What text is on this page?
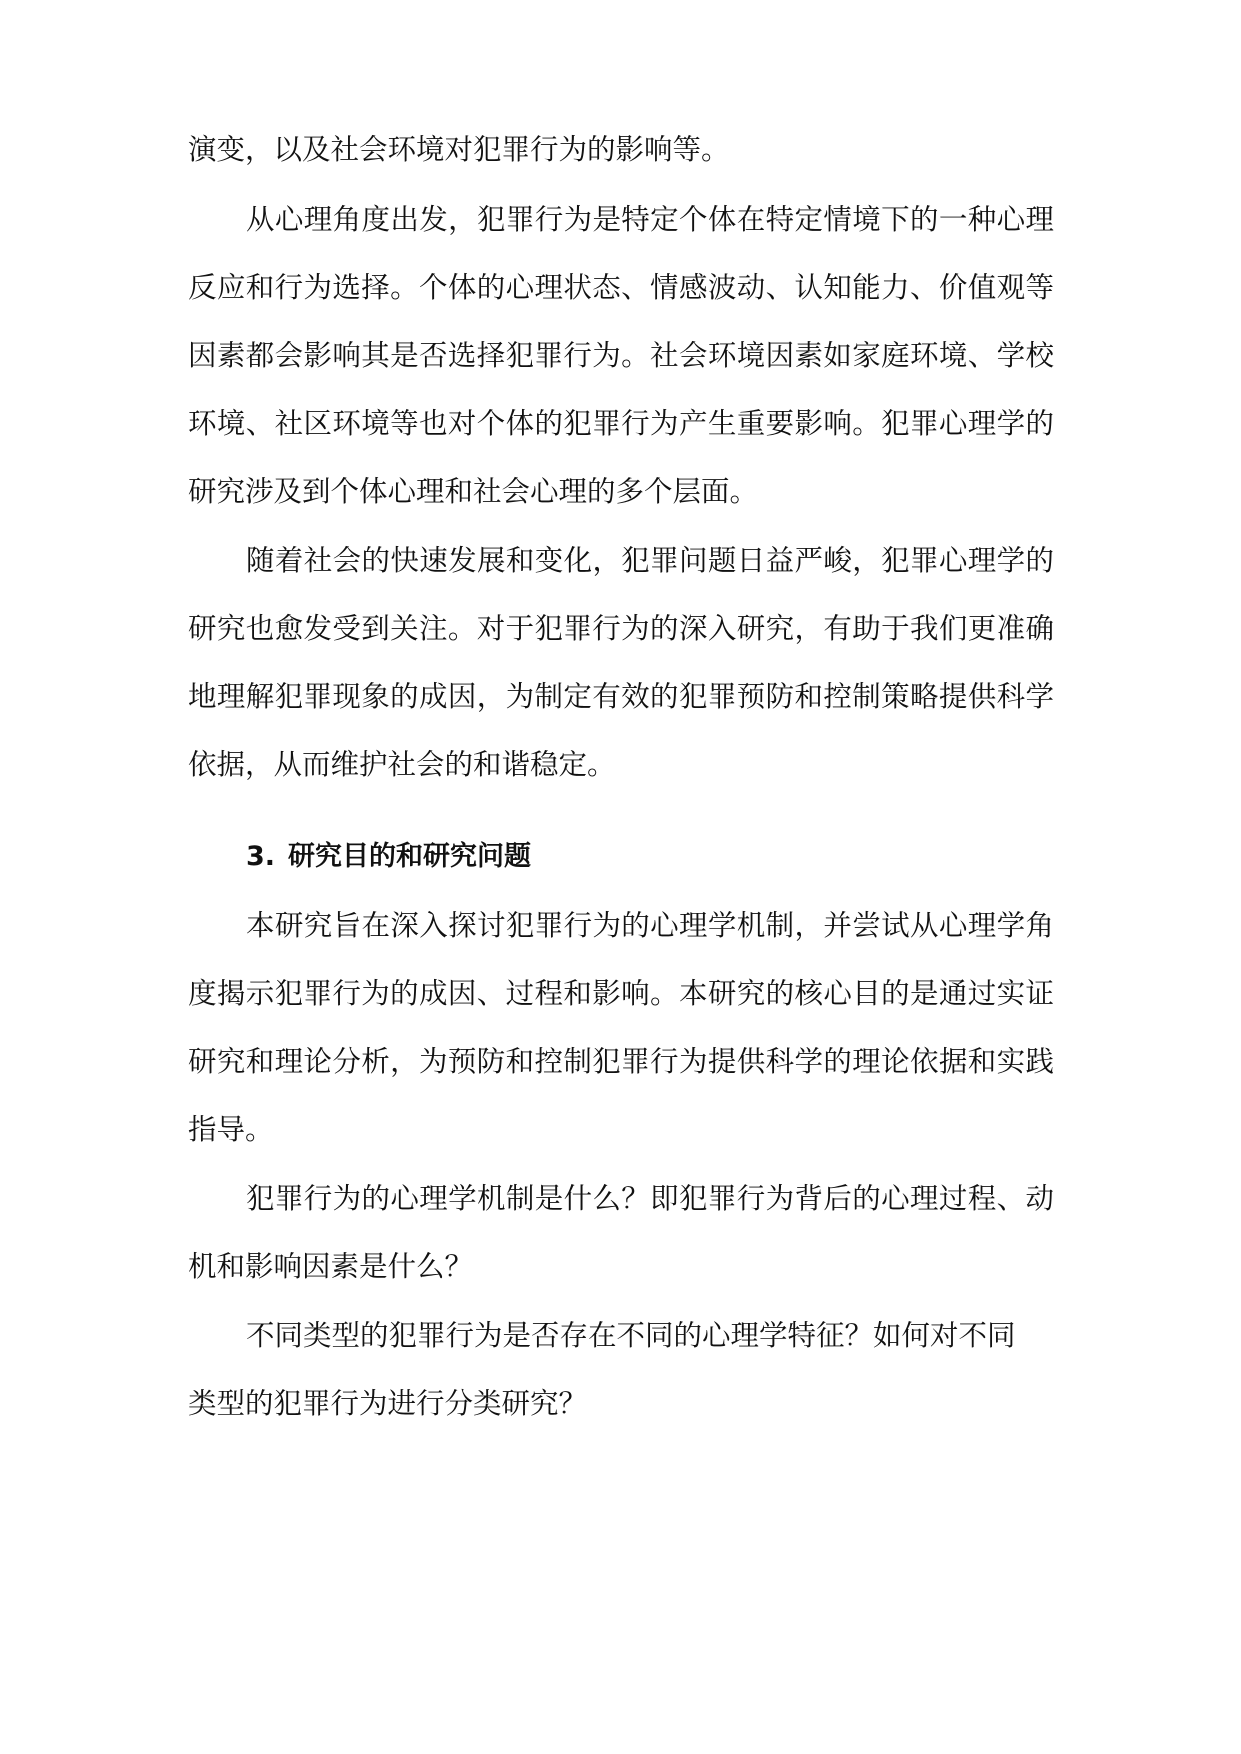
演变，以及社会环境对犯罪行为的影响等。
从心理角度出发，犯罪行为是特定个体在特定情境下的一种心理
反应和行为选择。个体的心理状态、情感波动、认知能力、价值观等
因素都会影响其是否选择犯罪行为。社会环境因素如家庭环境、学校
环境、社区环境等也对个体的犯罪行为产生重要影响。犯罪心理学的
研究涉及到个体心理和社会心理的多个层面。
随着社会的快速发展和变化，犯罪问题日益严峻，犯罪心理学的
研究也愈发受到关注。对于犯罪行为的深入研究，有助于我们更准确
地理解犯罪现象的成因，为制定有效的犯罪预防和控制策略提供科学
依据，从而维护社会的和谐稳定。
3. 研究目的和研究问题
本研究旨在深入探讨犯罪行为的心理学机制，并尝试从心理学角
度揭示犯罪行为的成因、过程和影响。本研究的核心目的是通过实证
研究和理论分析，为预防和控制犯罪行为提供科学的理论依据和实践
指导。
犯罪行为的心理学机制是什么？即犯罪行为背后的心理过程、动
机和影响因素是什么？
不同类型的犯罪行为是否存在不同的心理学特征？如何对不同
类型的犯罪行为进行分类研究？
